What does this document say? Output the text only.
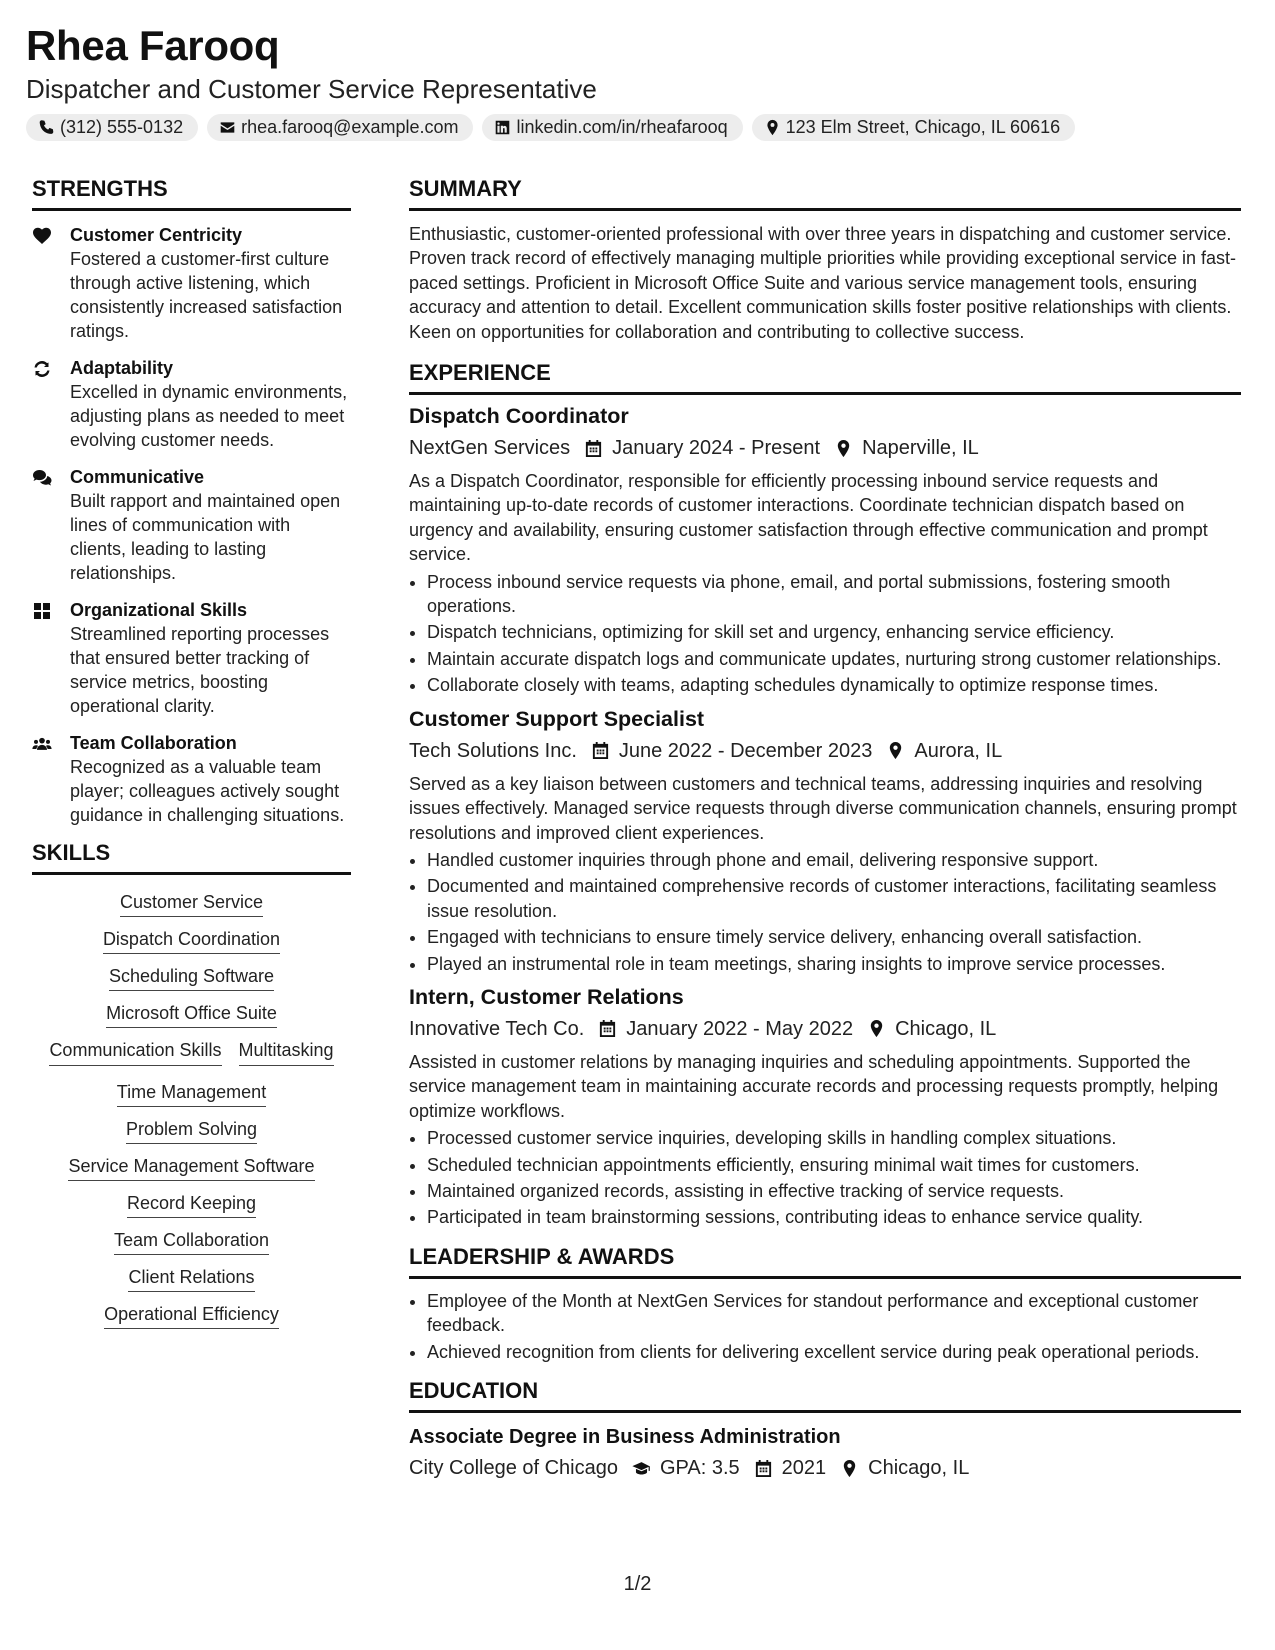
Rhea Farooq
Dispatcher and Customer Service Representative
(312) 555-0132	rhea.farooq@example.com	linkedin.com/in/rheafarooq	123 Elm Street, Chicago, IL 60616
STRENGTHS
Customer Centricity
Fostered a customer-first culture through active listening, which consistently increased satisfaction ratings.
Adaptability
Excelled in dynamic environments, adjusting plans as needed to meet evolving customer needs.
Communicative
Built rapport and maintained open lines of communication with clients, leading to lasting relationships.
Organizational Skills
Streamlined reporting processes that ensured better tracking of service metrics, boosting operational clarity.
Team Collaboration
Recognized as a valuable team player; colleagues actively sought guidance in challenging situations.
SKILLS
Customer Service
Dispatch Coordination
Scheduling Software
Microsoft Office Suite
Communication Skills Multitasking
Time Management
Problem Solving
Service Management Software
Record Keeping
Team Collaboration
Client Relations
Operational Efficiency
SUMMARY
Enthusiastic, customer-oriented professional with over three years in dispatching and customer service. Proven track record of effectively managing multiple priorities while providing exceptional service in fast-paced settings. Proficient in Microsoft Office Suite and various service management tools, ensuring accuracy and attention to detail. Excellent communication skills foster positive relationships with clients. Keen on opportunities for collaboration and contributing to collective success.
EXPERIENCE
Dispatch Coordinator
NextGen Services January 2024 - Present Naperville, IL
As a Dispatch Coordinator, responsible for efficiently processing inbound service requests and maintaining up-to-date records of customer interactions. Coordinate technician dispatch based on urgency and availability, ensuring customer satisfaction through effective communication and prompt service.
• Process inbound service requests via phone, email, and portal submissions, fostering smooth operations.
• Dispatch technicians, optimizing for skill set and urgency, enhancing service efficiency.
• Maintain accurate dispatch logs and communicate updates, nurturing strong customer relationships.
• Collaborate closely with teams, adapting schedules dynamically to optimize response times.
Customer Support Specialist
Tech Solutions Inc. June 2022 - December 2023 Aurora, IL
Served as a key liaison between customers and technical teams, addressing inquiries and resolving issues effectively. Managed service requests through diverse communication channels, ensuring prompt resolutions and improved client experiences.
• Handled customer inquiries through phone and email, delivering responsive support.
• Documented and maintained comprehensive records of customer interactions, facilitating seamless issue resolution.
• Engaged with technicians to ensure timely service delivery, enhancing overall satisfaction.
• Played an instrumental role in team meetings, sharing insights to improve service processes.
Intern, Customer Relations
Innovative Tech Co. January 2022 - May 2022 Chicago, IL
Assisted in customer relations by managing inquiries and scheduling appointments. Supported the service management team in maintaining accurate records and processing requests promptly, helping optimize workflows.
• Processed customer service inquiries, developing skills in handling complex situations.
• Scheduled technician appointments efficiently, ensuring minimal wait times for customers.
• Maintained organized records, assisting in effective tracking of service requests.
• Participated in team brainstorming sessions, contributing ideas to enhance service quality.
LEADERSHIP & AWARDS
• Employee of the Month at NextGen Services for standout performance and exceptional customer feedback.
• Achieved recognition from clients for delivering excellent service during peak operational periods.
EDUCATION
Associate Degree in Business Administration
City College of Chicago GPA: 3.5 2021 Chicago, IL
1/2
